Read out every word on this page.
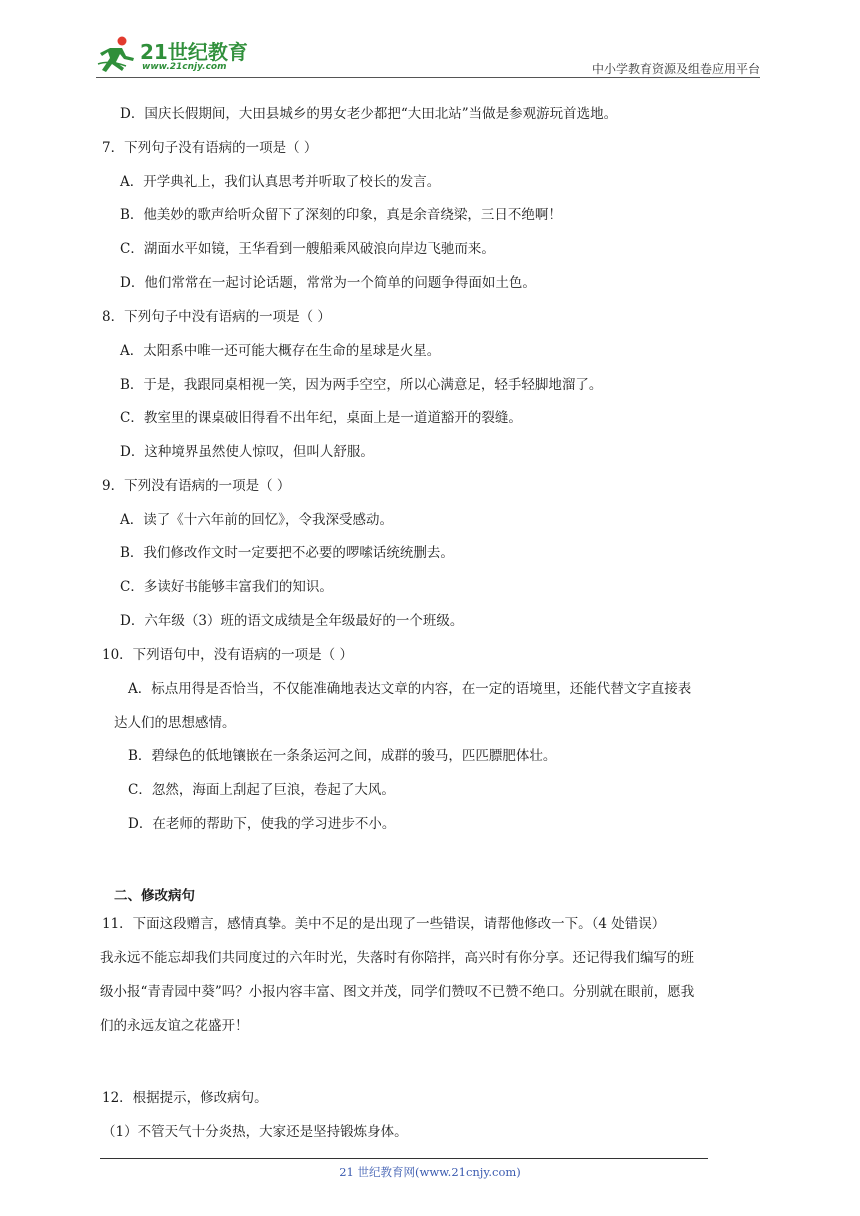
21世纪教育
www.21cnjy.com	中小学教育资源及组卷应用平台
D．国庆长假期间，大田县城乡的男女老少都把“大田北站”当做是参观游玩首选地。
7．下列句子没有语病的一项是（ ）
A．开学典礼上，我们认真思考并听取了校长的发言。
B．他美妙的歌声给听众留下了深刻的印象，真是余音绕梁，三日不绝啊！
C．湖面水平如镜，王华看到一艘船乘风破浪向岸边飞驰而来。
D．他们常常在一起讨论话题，常常为一个简单的问题争得面如土色。
8．下列句子中没有语病的一项是（ ）
A．太阳系中唯一还可能大概存在生命的星球是火星。
B．于是，我跟同桌相视一笑，因为两手空空，所以心满意足，轻手轻脚地溜了。
C．教室里的课桌破旧得看不出年纪，桌面上是一道道豁开的裂缝。
D．这种境界虽然使人惊叹，但叫人舒服。
9．下列没有语病的一项是（ ）
A．读了《十六年前的回忆》，令我深受感动。
B．我们修改作文时一定要把不必要的啰嗦话统统删去。
C．多读好书能够丰富我们的知识。
D．六年级（3）班的语文成绩是全年级最好的一个班级。
10．下列语句中，没有语病的一项是（ ）
A．标点用得是否恰当，不仅能准确地表达文章的内容，在一定的语境里，还能代替文字直接表
达人们的思想感情。
B．碧绿色的低地镶嵌在一条条运河之间，成群的骏马，匹匹膘肥体壮。
C．忽然，海面上刮起了巨浪，卷起了大风。
D．在老师的帮助下，使我的学习进步不小。
二、修改病句
11．下面这段赠言，感情真挚。美中不足的是出现了一些错误，请帮他修改一下。（4 处错误）
我永远不能忘却我们共同度过的六年时光，失落时有你陪拌，高兴时有你分享。还记得我们编写的班
级小报“青青园中葵”吗？小报内容丰富、图文并茂，同学们赞叹不已赞不绝口。分别就在眼前，愿我
们的永远友谊之花盛开！
12．根据提示，修改病句。
（1）不管天气十分炎热，大家还是坚持锻炼身体。
21 世纪教育网(www.21cnjy.com)
